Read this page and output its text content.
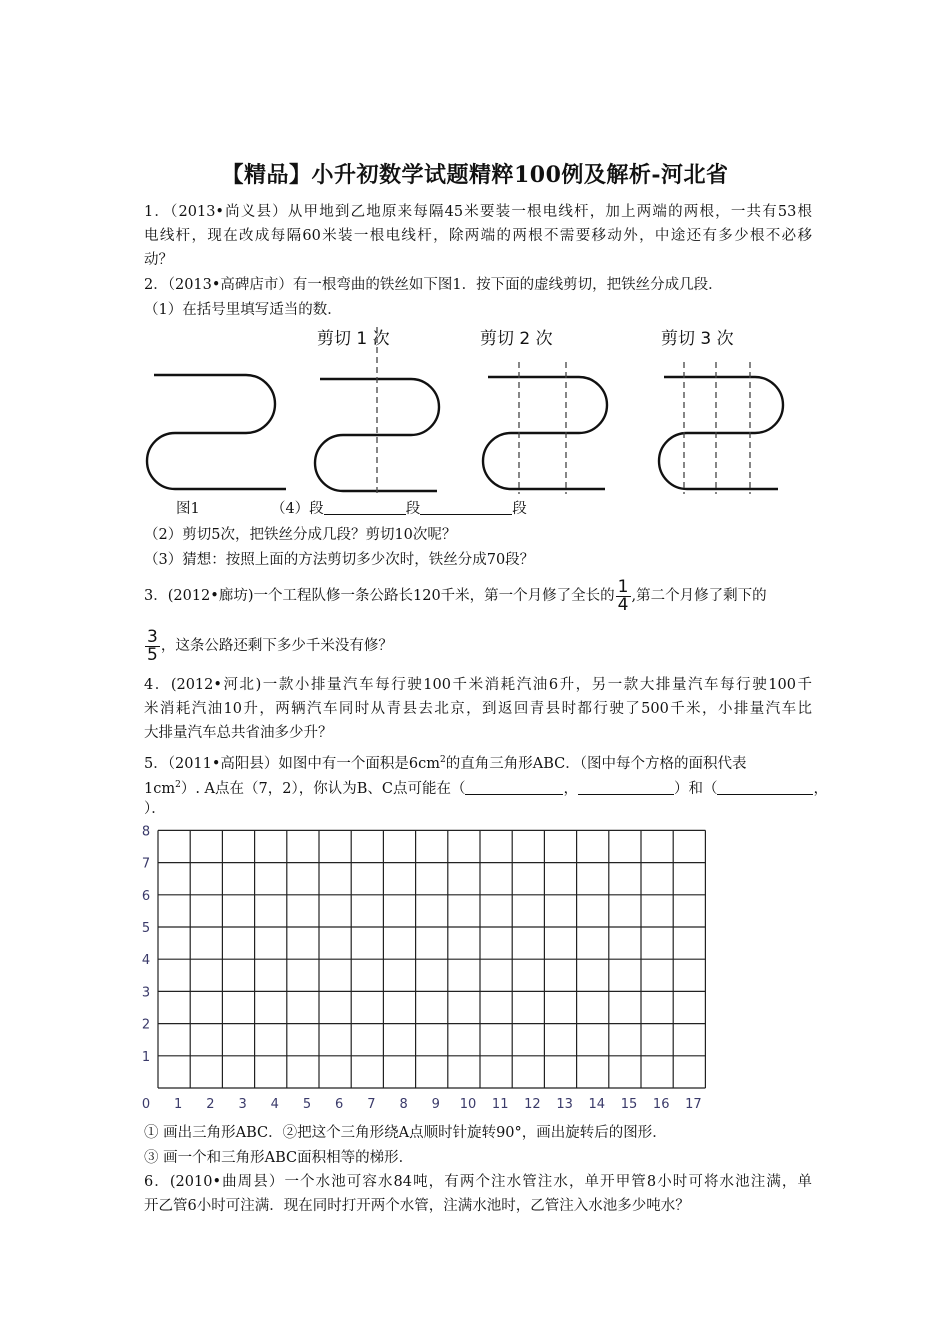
【精品】小升初数学试题精粹100例及解析-河北省
1．（2013•尚义县）从甲地到乙地原来每隔45米要装一根电线杆，加上两端的两根，一共有53根
电线杆，现在改成每隔60米装一根电线杆，除两端的两根不需要移动外，中途还有多少根不必移
动？
2．（2013•高碑店市）有一根弯曲的铁丝如下图1．按下面的虚线剪切，把铁丝分成几段．
（1）在括号里填写适当的数．
剪切 1 次	剪切 2 次	剪切 3 次
图1	（4）段	段	段
（2）剪切5次，把铁丝分成几段？剪切10次呢？
（3）猜想：按照上面的方法剪切多少次时，铁丝分成70段？
3．(2012•廊坊)一个工程队修一条公路长120千米，第一个月修了全长的 $\frac{1}{4}$ ,第二个月修了剩下的
$\frac{3}{5}$ ，这条公路还剩下多少千米没有修？
4．(2012•河北)一款小排量汽车每行驶100千米消耗汽油6升，另一款大排量汽车每行驶100千
米消耗汽油10升，两辆汽车同时从青县去北京，到返回青县时都行驶了500千米，小排量汽车比
大排量汽车总共省油多少升？
5．（2011•高阳县）如图中有一个面积是$6cm^2$的直角三角形ABC．（图中每个方格的面积代表
$1cm^2$）. A点在（7，2），你认为B、C点可能在（	，	）和（	，
）．
0
1
2
3
4
5
6
7
8
1 2 3 4 5 6 7 8 9 10 11 12 13 14 15 16 17
① 画出三角形ABC．②把这个三角形绕A点顺时针旋转90°，画出旋转后的图形．
③ 画一个和三角形ABC面积相等的梯形．
6．(2010•曲周县）一个水池可容水84吨，有两个注水管注水，单开甲管8小时可将水池注满，单
开乙管6小时可注满．现在同时打开两个水管，注满水池时，乙管注入水池多少吨水？
